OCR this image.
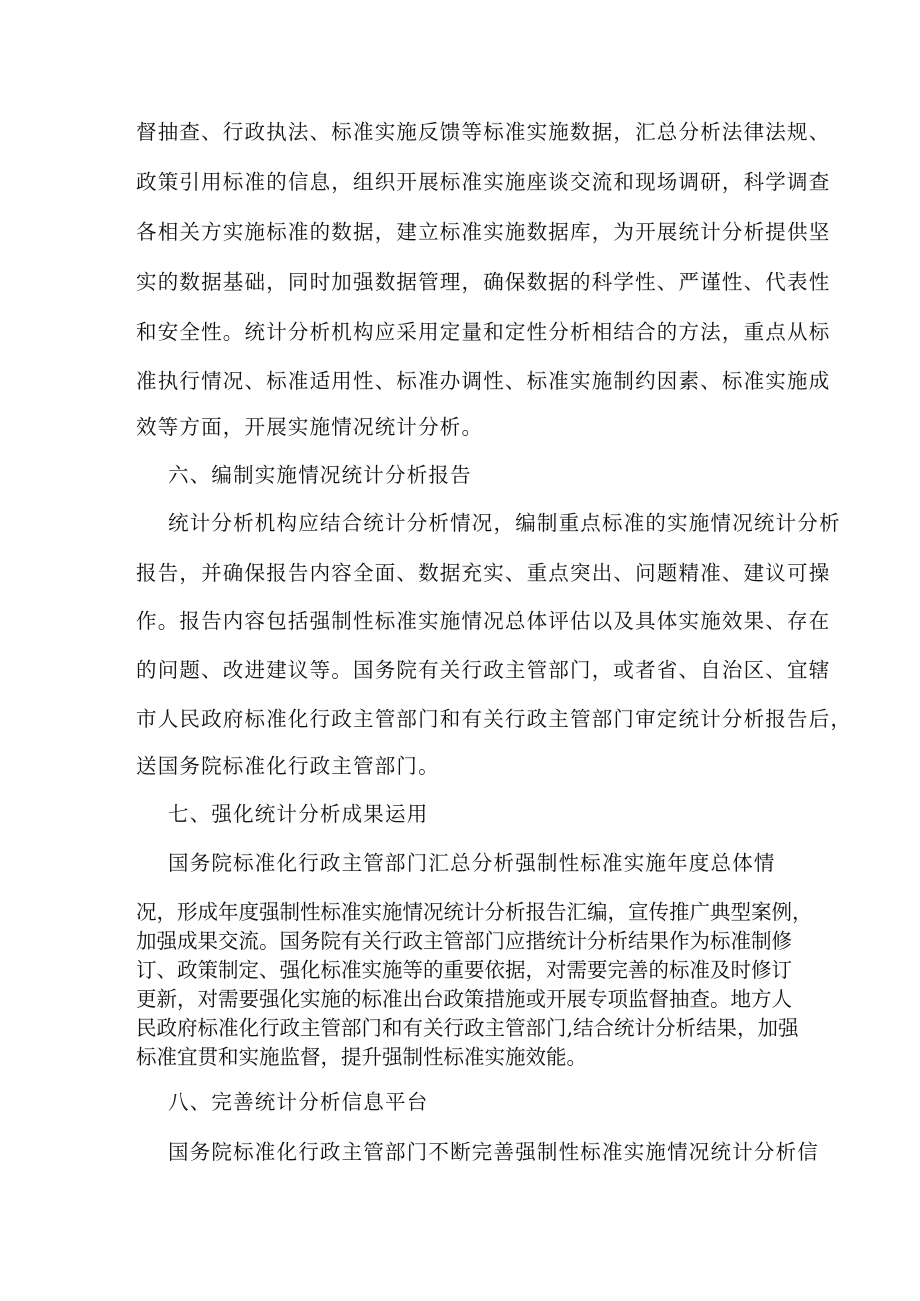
督抽查、行政执法、标准实施反馈等标准实施数据，汇总分析法律法规、
政策引用标准的信息，组织开展标准实施座谈交流和现场调研，科学调查
各相关方实施标准的数据，建立标准实施数据库，为开展统计分析提供坚
实的数据基础，同时加强数据管理，确保数据的科学性、严谨性、代表性
和安全性。统计分析机构应采用定量和定性分析相结合的方法，重点从标
准执行情况、标准适用性、标准办调性、标准实施制约因素、标准实施成
效等方面，开展实施情况统计分析。
六、编制实施情况统计分析报告
统计分析机构应结合统计分析情况，编制重点标准的实施情况统计分析
报告，并确保报告内容全面、数据充实、重点突出、问题精准、建议可操
作。报告内容包括强制性标准实施情况总体评估以及具体实施效果、存在
的问题、改进建议等。国务院有关行政主管部门，或者省、自治区、宜辖
市人民政府标准化行政主管部门和有关行政主管部门审定统计分析报告后，
送国务院标准化行政主管部门。
七、强化统计分析成果运用
国务院标准化行政主管部门汇总分析强制性标准实施年度总体情
况，形成年度强制性标准实施情况统计分析报告汇编，宣传推广典型案例，
加强成果交流。国务院有关行政主管部门应揩统计分析结果作为标准制修
订、政策制定、强化标准实施等的重要依据，对需要完善的标准及时修订
更新，对需要强化实施的标准出台政策措施或开展专项监督抽查。地方人
民政府标准化行政主管部门和有关行政主管部门,结合统计分析结果，加强
标准宜贯和实施监督，提升强制性标准实施效能。
八、完善统计分析信息平台
国务院标准化行政主管部门不断完善强制性标准实施情况统计分析信
